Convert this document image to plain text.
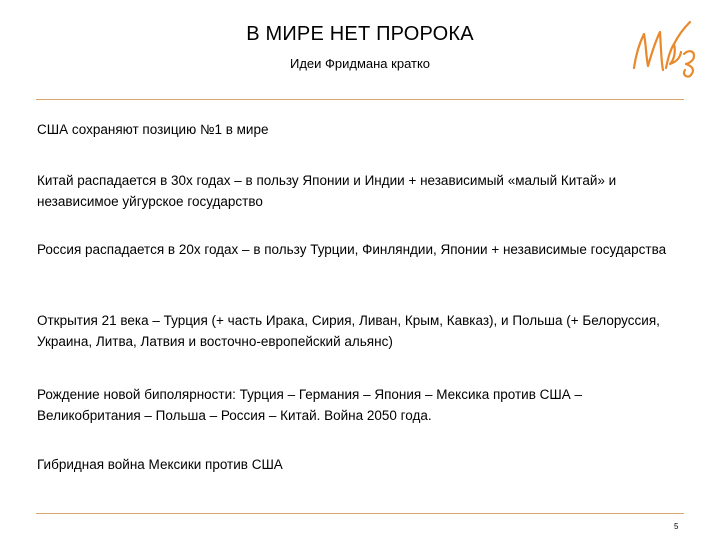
В МИРЕ НЕТ ПРОРОКА
Идеи Фридмана кратко
США сохраняют позицию №1 в мире
Китай распадается в 30х годах – в пользу Японии и Индии + независимый «малый Китай» и независимое уйгурское государство
Россия распадается в 20х годах – в пользу Турции, Финляндии, Японии + независимые государства
Открытия 21 века – Турция (+ часть Ирака, Сирия, Ливан, Крым, Кавказ), и Польша (+ Белоруссия, Украина, Литва, Латвия и восточно-европейский альянс)
Рождение новой биполярности: Турция – Германия – Япония – Мексика против США – Великобритания – Польша – Россия – Китай. Война 2050 года.
Гибридная война Мексики против США
5
